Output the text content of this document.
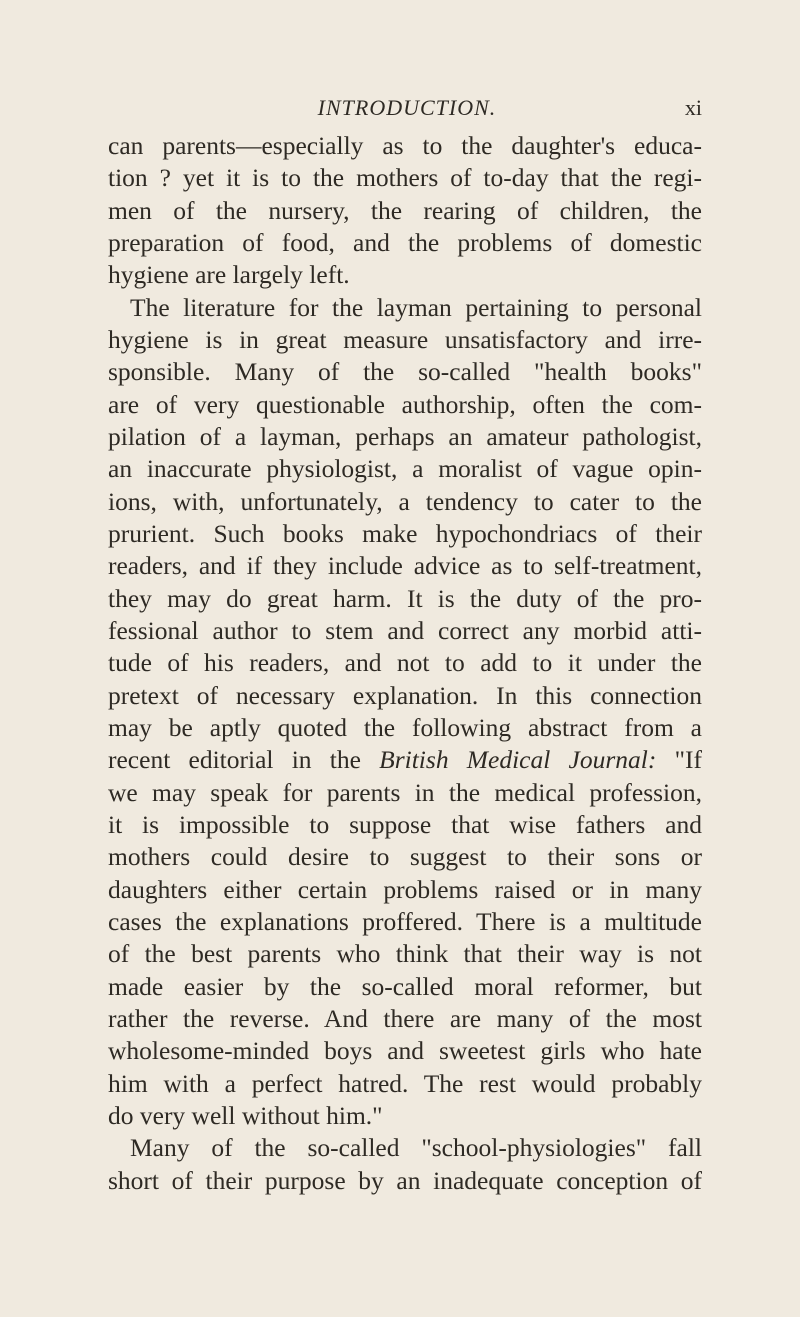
INTRODUCTION.	xi
can parents—especially as to the daughter's educa-
tion ? yet it is to the mothers of to-day that the regi-
men of the nursery, the rearing of children, the
preparation of food, and the problems of domestic
hygiene are largely left.
The literature for the layman pertaining to personal
hygiene is in great measure unsatisfactory and irre-
sponsible. Many of the so-called "health books"
are of very questionable authorship, often the com-
pilation of a layman, perhaps an amateur pathologist,
an inaccurate physiologist, a moralist of vague opin-
ions, with, unfortunately, a tendency to cater to the
prurient. Such books make hypochondriacs of their
readers, and if they include advice as to self-treatment,
they may do great harm. It is the duty of the pro-
fessional author to stem and correct any morbid atti-
tude of his readers, and not to add to it under the
pretext of necessary explanation. In this connection
may be aptly quoted the following abstract from a
recent editorial in the British Medical Journal: "If
we may speak for parents in the medical profession,
it is impossible to suppose that wise fathers and
mothers could desire to suggest to their sons or
daughters either certain problems raised or in many
cases the explanations proffered. There is a multitude
of the best parents who think that their way is not
made easier by the so-called moral reformer, but
rather the reverse. And there are many of the most
wholesome-minded boys and sweetest girls who hate
him with a perfect hatred. The rest would probably
do very well without him."
Many of the so-called "school-physiologies" fall
short of their purpose by an inadequate conception of
